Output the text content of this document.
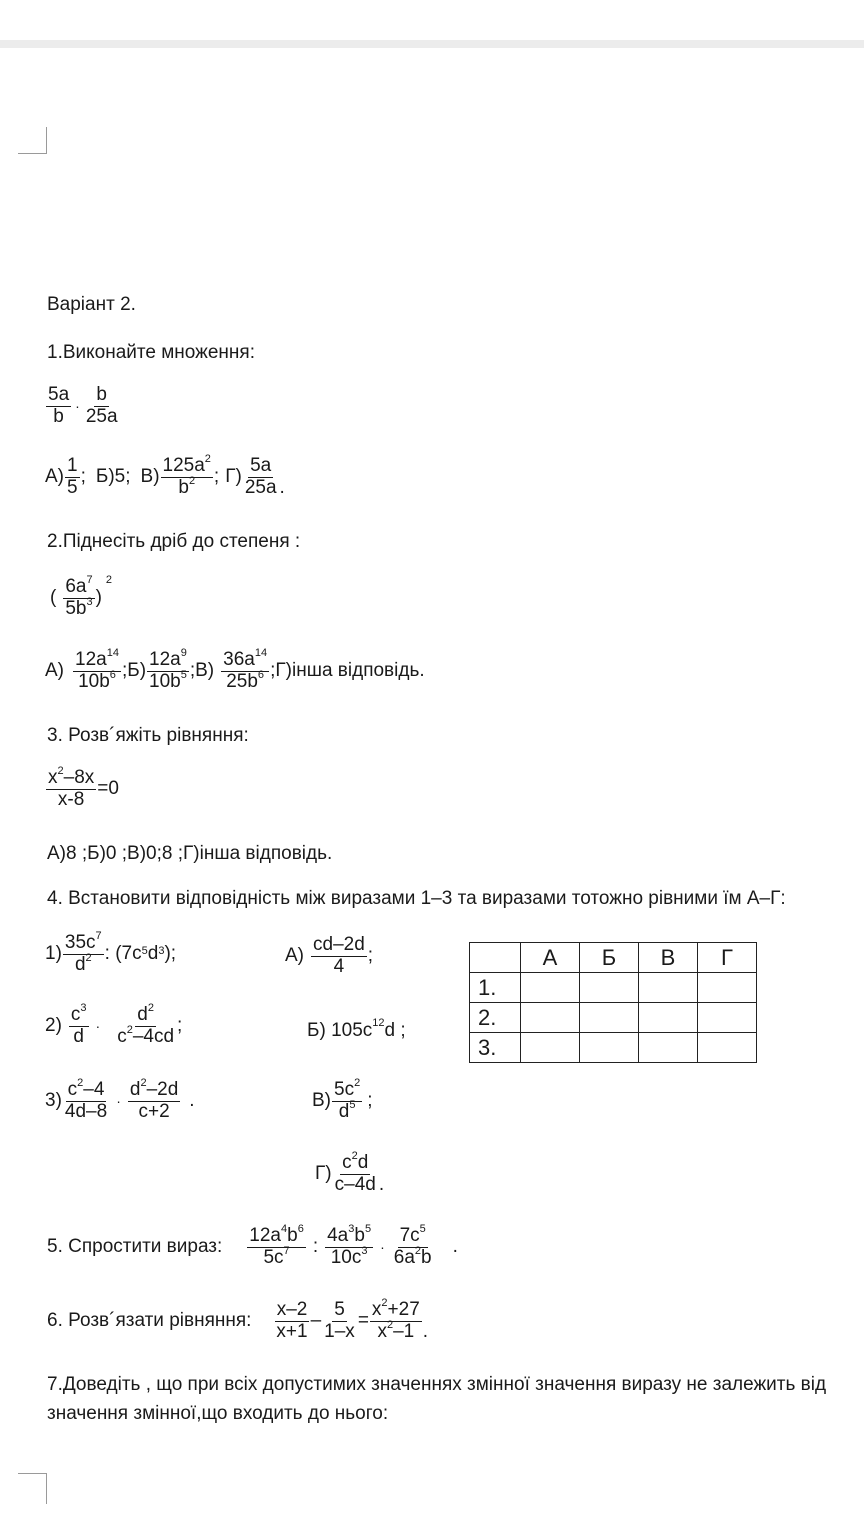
Варіант 2.
1.Виконайте множення:
$\frac{5a}{b} \cdot \frac{b}{25a}$
$А) \frac{1}{5}$ ; Б)5; $В) \frac{125a^2}{b^2}$ ; $Г) \frac{5a}{25a}$ .
2.Піднесіть дріб до степеня :
( $\frac{6a^7}{5b^3}$ )
$^2$
$А) \frac{12a^{14}}{10b^6}$ ;Б) $\frac{12a^9}{10b^5}$ ;В) $\frac{36a^{14}}{25b^6}$ ;Г)інша відповідь.
3. Розв´яжіть рівняння:
$\frac{x^2-8x}{x-8} =0$
А)8 ;Б)0 ;В)0;8 ;Г)інша відповідь.
4. Встановити відповідність між виразами 1–3 та виразами тотожно рівними їм А–Г:
$1) \frac{35c^7}{d^2}$ : ($7c^5$ $d^3$ );
$2) \frac{c^3}{d} \cdot \frac{d^2}{c^2-4cd}$ ;
$3) \frac{c^2-4}{4d-8} \cdot \frac{d^2-2d}{c+2}$ .
$А) \frac{cd-2d}{4}$ ;
Б) $105c^{12}d$ ;
$В) \frac{5c^2}{d^5}$ ;
$Г) \frac{c^2d}{c-4d}$ .
	А	Б	В	Г
1.				
2.				
3.				
5. Спростити вираз: $\frac{12a^4b^6}{5c^7}$ : $\frac{4a^3b^5}{10c^3} \cdot \frac{7c^5}{6a^2b}$ .
6. Розв´язати рівняння: $\frac{x-2}{x+1} - \frac{5}{1-x} = \frac{x^2+27}{x^2-1}$ .
7.Доведіть , що при всіх допустимих значеннях змінної значення виразу не залежить від
значення змінної,що входить до нього:
